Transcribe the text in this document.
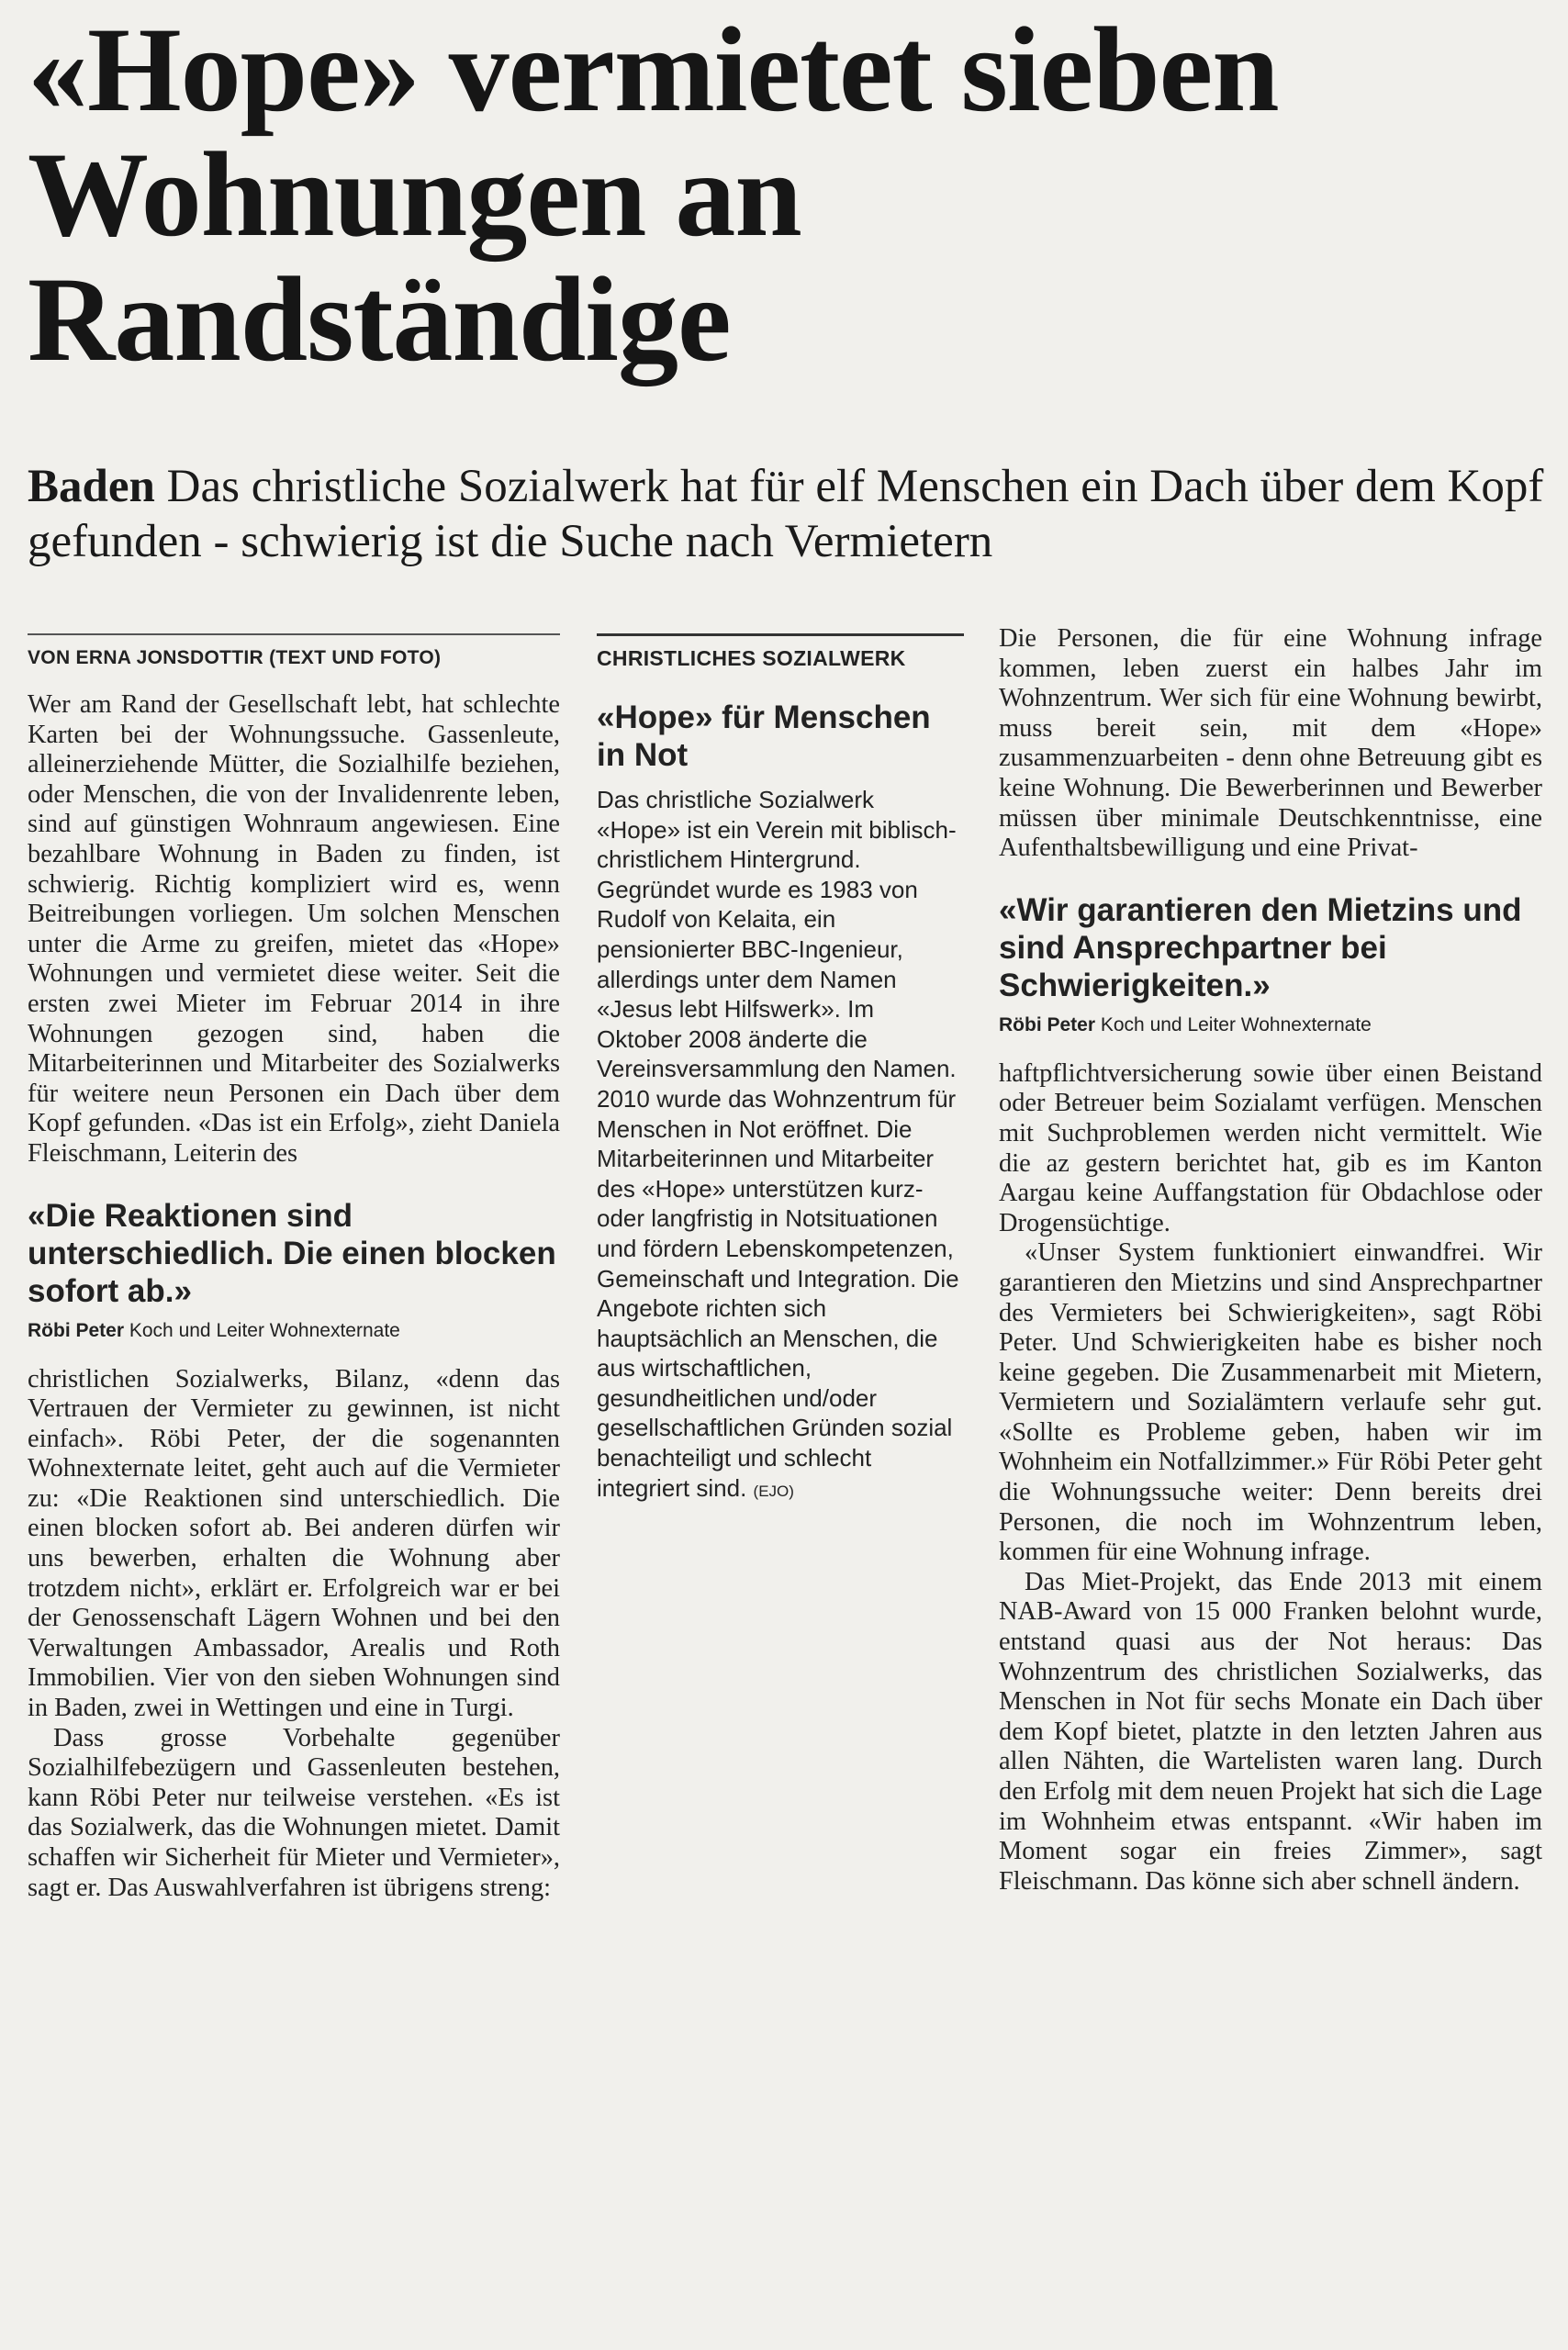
«Hope» vermietet sieben Wohnungen an Randständige

Baden Das christliche Sozialwerk hat für elf Menschen ein Dach über dem Kopf gefunden - schwierig ist die Suche nach Vermietern

VON ERNA JONSDOTTIR (TEXT UND FOTO)

Wer am Rand der Gesellschaft lebt, hat schlechte Karten bei der Wohnungssuche. Gassenleute, alleinerziehende Mütter, die Sozialhilfe beziehen, oder Menschen, die von der Invalidenrente leben, sind auf günstigen Wohnraum angewiesen. Eine bezahlbare Wohnung in Baden zu finden, ist schwierig. Richtig kompliziert wird es, wenn Beitreibungen vorliegen. Um solchen Menschen unter die Arme zu greifen, mietet das «Hope» Wohnungen und vermietet diese weiter. Seit die ersten zwei Mieter im Februar 2014 in ihre Wohnungen gezogen sind, haben die Mitarbeiterinnen und Mitarbeiter des Sozialwerks für weitere neun Personen ein Dach über dem Kopf gefunden. «Das ist ein Erfolg», zieht Daniela Fleischmann, Leiterin des

«Die Reaktionen sind unterschiedlich. Die einen blocken sofort ab.»

Röbi Peter Koch und Leiter Wohnexternate

christlichen Sozialwerks, Bilanz, «denn das Vertrauen der Vermieter zu gewinnen, ist nicht einfach». Röbi Peter, der die sogenannten Wohnexternate leitet, geht auch auf die Vermieter zu: «Die Reaktionen sind unterschiedlich. Die einen blocken sofort ab. Bei anderen dürfen wir uns bewerben, erhalten die Wohnung aber trotzdem nicht», erklärt er. Erfolgreich war er bei der Genossenschaft Lägern Wohnen und bei den Verwaltungen Ambassador, Arealis und Roth Immobilien. Vier von den sieben Wohnungen sind in Baden, zwei in Wettingen und eine in Turgi.

Dass grosse Vorbehalte gegenüber Sozialhilfebezügern und Gassenleuten bestehen, kann Röbi Peter nur teilweise verstehen. «Es ist das Sozialwerk, das die Wohnungen mietet. Damit schaffen wir Sicherheit für Mieter und Vermieter», sagt er. Das Auswahlverfahren ist übrigens streng:

CHRISTLICHES SOZIALWERK
«Hope» für Menschen in Not

Das christliche Sozialwerk «Hope» ist ein Verein mit biblisch-christlichem Hintergrund. Gegründet wurde es 1983 von Rudolf von Kelaita, ein pensionierter BBC-Ingenieur, allerdings unter dem Namen «Jesus lebt Hilfswerk». Im Oktober 2008 änderte die Vereinsversammlung den Namen. 2010 wurde das Wohnzentrum für Menschen in Not eröffnet. Die Mitarbeiterinnen und Mitarbeiter des «Hope» unterstützen kurz- oder langfristig in Notsituationen und fördern Lebenskompetenzen, Gemeinschaft und Integration. Die Angebote richten sich hauptsächlich an Menschen, die aus wirtschaftlichen, gesundheitlichen und/oder gesellschaftlichen Gründen sozial benachteiligt und schlecht integriert sind. (EJO)

Die Personen, die für eine Wohnung infrage kommen, leben zuerst ein halbes Jahr im Wohnzentrum. Wer sich für eine Wohnung bewirbt, muss bereit sein, mit dem «Hope» zusammenzuarbeiten - denn ohne Betreuung gibt es keine Wohnung. Die Bewerberinnen und Bewerber müssen über minimale Deutschkenntnisse, eine Aufenthaltsbewilligung und eine Privat-

«Wir garantieren den Mietzins und sind Ansprechpartner bei Schwierigkeiten.»

Röbi Peter Koch und Leiter Wohnexternate

haftpflichtversicherung sowie über einen Beistand oder Betreuer beim Sozialamt verfügen. Menschen mit Suchproblemen werden nicht vermittelt. Wie die az gestern berichtet hat, gib es im Kanton Aargau keine Auffangstation für Obdachlose oder Drogensüchtige.

«Unser System funktioniert einwandfrei. Wir garantieren den Mietzins und sind Ansprechpartner des Vermieters bei Schwierigkeiten», sagt Röbi Peter. Und Schwierigkeiten habe es bisher noch keine gegeben. Die Zusammenarbeit mit Mietern, Vermietern und Sozialämtern verlaufe sehr gut. «Sollte es Probleme geben, haben wir im Wohnheim ein Notfallzimmer.» Für Röbi Peter geht die Wohnungssuche weiter: Denn bereits drei Personen, die noch im Wohnzentrum leben, kommen für eine Wohnung infrage.

Das Miet-Projekt, das Ende 2013 mit einem NAB-Award von 15 000 Franken belohnt wurde, entstand quasi aus der Not heraus: Das Wohnzentrum des christlichen Sozialwerks, das Menschen in Not für sechs Monate ein Dach über dem Kopf bietet, platzte in den letzten Jahren aus allen Nähten, die Wartelisten waren lang. Durch den Erfolg mit dem neuen Projekt hat sich die Lage im Wohnheim etwas entspannt. «Wir haben im Moment sogar ein freies Zimmer», sagt Fleischmann. Das könne sich aber schnell ändern.
